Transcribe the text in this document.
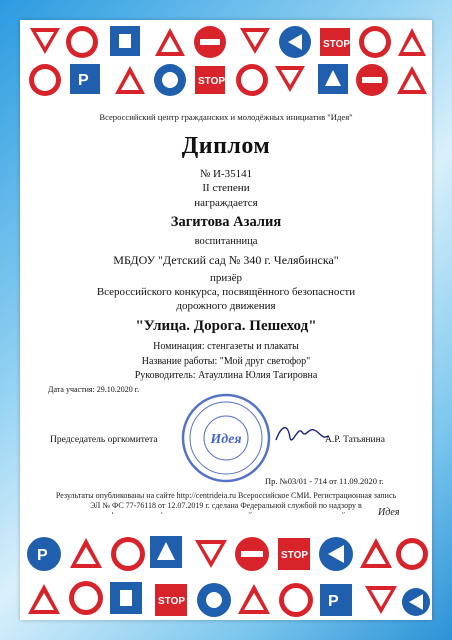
STOP
P	STOP
Всероссийский центр гражданских и молодёжных инициатив "Идея"
Диплом
№ И-35141
II степени
награждается
Загитова Азалия
воспитанница
МБДОУ "Детский сад № 340 г. Челябинска"
призёр
Всероссийского конкурса, посвящённого безопасности
дорожного движения
"Улица. Дорога. Пешеход"
Номинация: стенгазеты и плакаты
Название работы: "Мой друг светофор"
Руководитель: Атауллина Юлия Тагировна
Дата участия: 29.10.2020 г.
Председатель оргкомитета	А.Р. Татьянина
Идея
Пр. №03/01 - 714 от 11.09.2020 г.
Результаты опубликованы на сайте http://centrideia.ru Всероссийское СМИ. Регистрационная запись
ЭЛ № ФС 77-76118 от 12.07.2019 г. сделана Федеральной службой по надзору в
P	STOP
STOP	P
Идея
